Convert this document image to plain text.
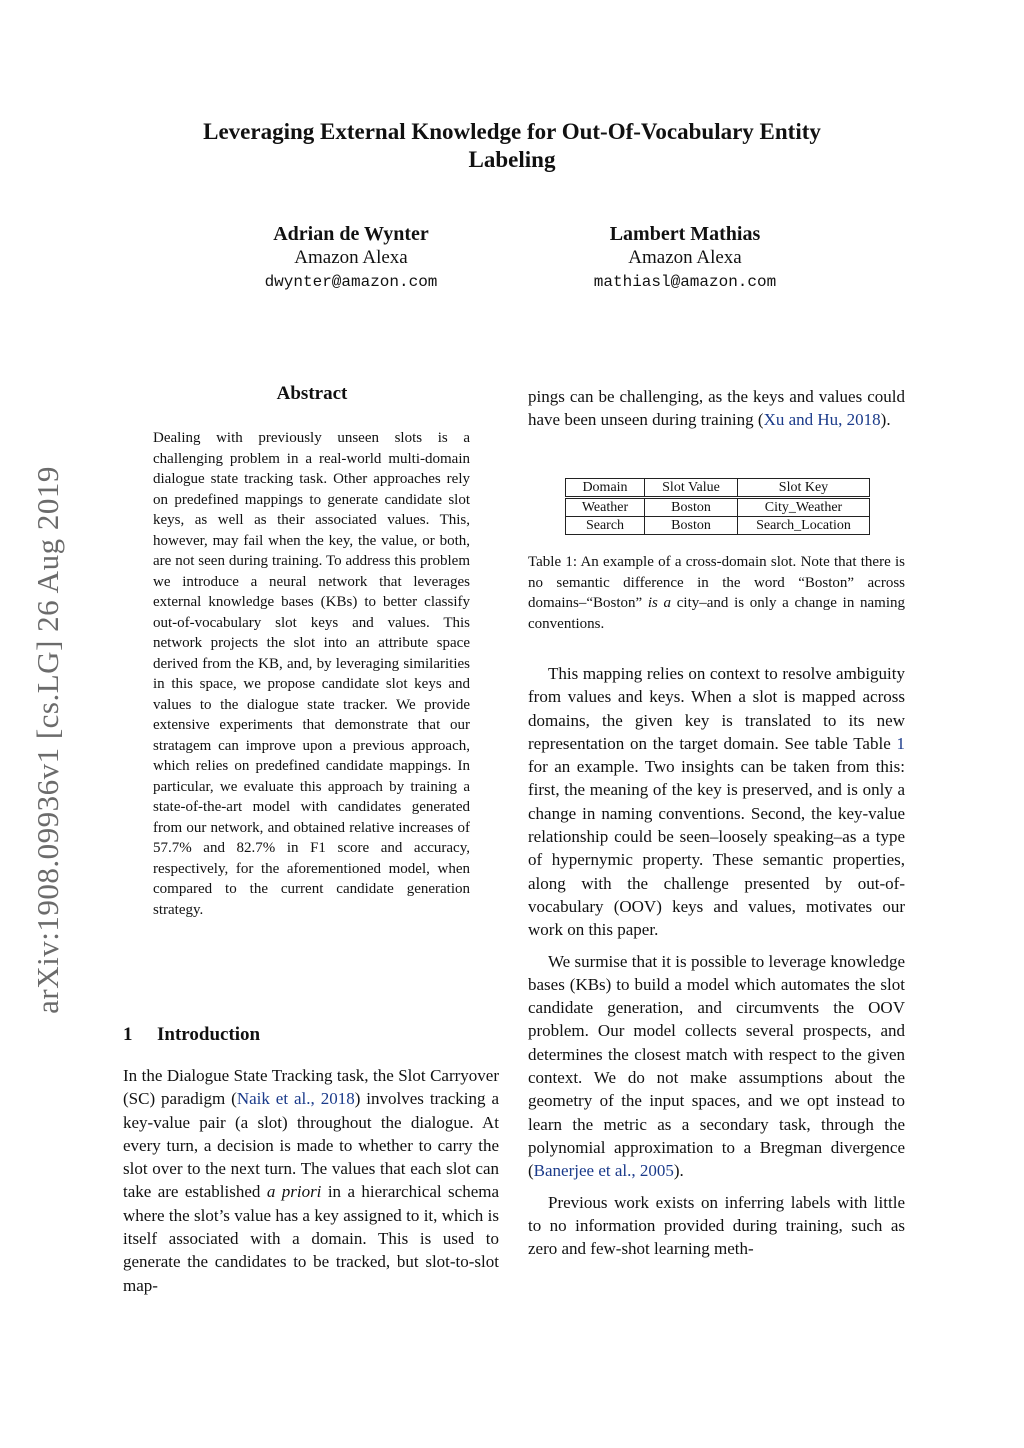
Leveraging External Knowledge for Out-Of-Vocabulary Entity
Labeling
Adrian de Wynter
Amazon Alexa
dwynter@amazon.com
Lambert Mathias
Amazon Alexa
mathiasl@amazon.com
arXiv:1908.09936v1 [cs.LG] 26 Aug 2019
Abstract
Dealing with previously unseen slots is a challenging problem in a real-world multi-domain dialogue state tracking task. Other approaches rely on predefined mappings to generate candidate slot keys, as well as their associated values. This, however, may fail when the key, the value, or both, are not seen during training. To address this problem we introduce a neural network that leverages external knowledge bases (KBs) to better classify out-of-vocabulary slot keys and values. This network projects the slot into an attribute space derived from the KB, and, by leveraging similarities in this space, we propose candidate slot keys and values to the dialogue state tracker. We provide extensive experiments that demonstrate that our stratagem can improve upon a previous approach, which relies on predefined candidate mappings. In particular, we evaluate this approach by training a state-of-the-art model with candidates generated from our network, and obtained relative increases of 57.7% and 82.7% in F1 score and accuracy, respectively, for the aforementioned model, when compared to the current candidate generation strategy.
1 Introduction

In the Dialogue State Tracking task, the Slot Carryover (SC) paradigm (Naik et al., 2018) involves tracking a key-value pair (a slot) throughout the dialogue. At every turn, a decision is made to whether to carry the slot over to the next turn. The values that each slot can take are established a priori in a hierarchical schema where the slot’s value has a key assigned to it, which is itself associated with a domain. This is used to generate the candidates to be tracked, but slot-to-slot map-

pings can be challenging, as the keys and values could have been unseen during training (Xu and Hu, 2018).
Domain	Slot Value	Slot Key
Weather	Boston	City_Weather
Search	Boston	Search_Location
Table 1: An example of a cross-domain slot. Note that there is no semantic difference in the word “Boston” across domains–“Boston” is a city–and is only a change in naming conventions.

This mapping relies on context to resolve ambiguity from values and keys. When a slot is mapped across domains, the given key is translated to its new representation on the target domain. See table Table 1 for an example. Two insights can be taken from this: first, the meaning of the key is preserved, and is only a change in naming conventions. Second, the key-value relationship could be seen–loosely speaking–as a type of hypernymic property. These semantic properties, along with the challenge presented by out-of-vocabulary (OOV) keys and values, motivates our work on this paper.

We surmise that it is possible to leverage knowledge bases (KBs) to build a model which automates the slot candidate generation, and circumvents the OOV problem. Our model collects several prospects, and determines the closest match with respect to the given context. We do not make assumptions about the geometry of the input spaces, and we opt instead to learn the metric as a secondary task, through the polynomial approximation to a Bregman divergence (Banerjee et al., 2005).

Previous work exists on inferring labels with little to no information provided during training, such as zero and few-shot learning meth-
